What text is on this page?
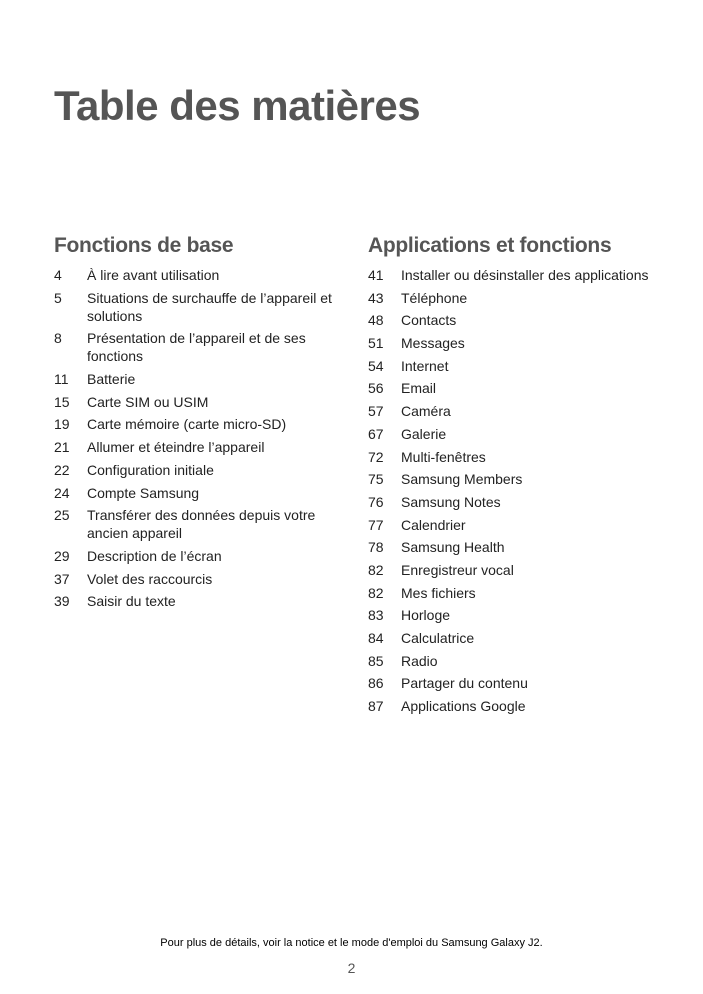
Table des matières
Fonctions de base
4	À lire avant utilisation
5	Situations de surchauffe de l’appareil et solutions
8	Présentation de l’appareil et de ses fonctions
11	Batterie
15	Carte SIM ou USIM
19	Carte mémoire (carte micro-SD)
21	Allumer et éteindre l’appareil
22	Configuration initiale
24	Compte Samsung
25	Transférer des données depuis votre ancien appareil
29	Description de l’écran
37	Volet des raccourcis
39	Saisir du texte
Applications et fonctions
41	Installer ou désinstaller des applications
43	Téléphone
48	Contacts
51	Messages
54	Internet
56	Email
57	Caméra
67	Galerie
72	Multi-fenêtres
75	Samsung Members
76	Samsung Notes
77	Calendrier
78	Samsung Health
82	Enregistreur vocal
82	Mes fichiers
83	Horloge
84	Calculatrice
85	Radio
86	Partager du contenu
87	Applications Google
Pour plus de détails, voir la notice et le mode d'emploi du Samsung Galaxy J2.
2
